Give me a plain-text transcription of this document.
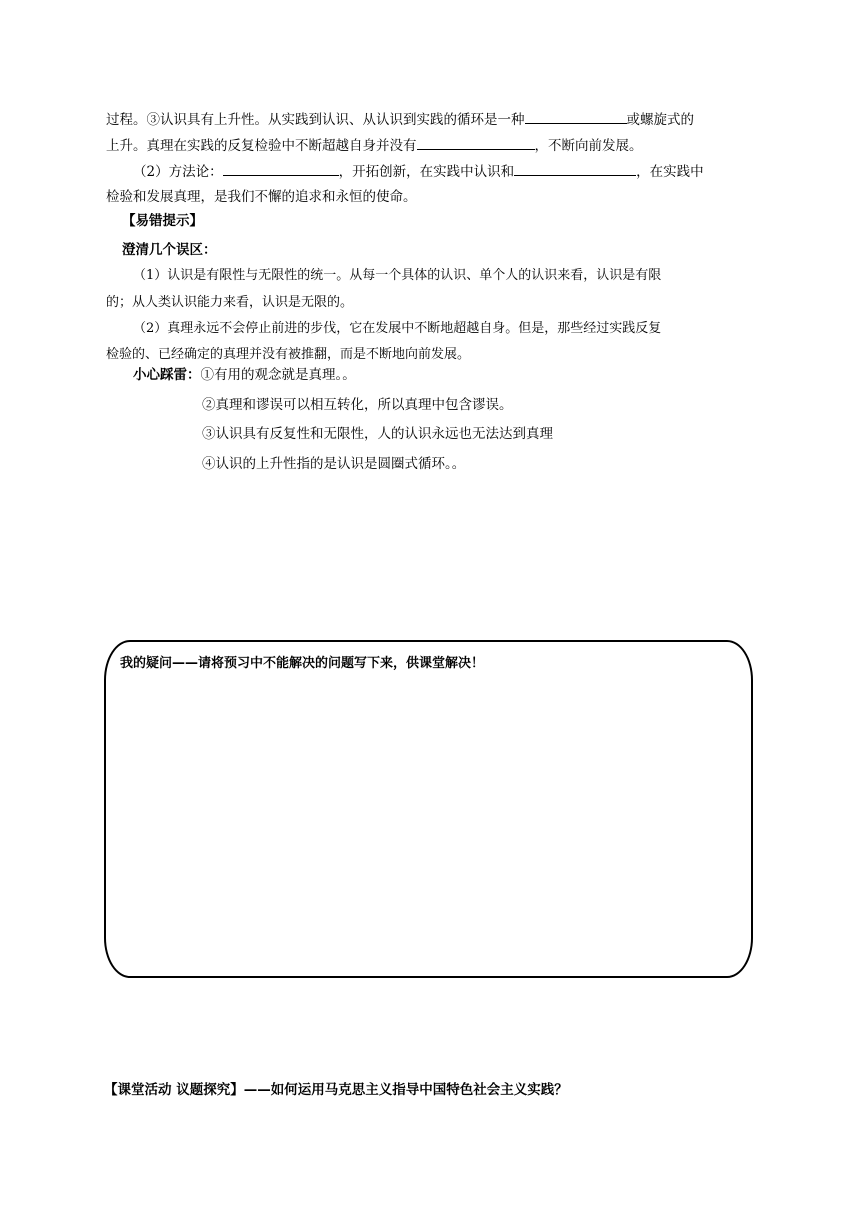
过程。③认识具有上升性。从实践到认识、从认识到实践的循环是一种	或螺旋式的
上升。真理在实践的反复检验中不断超越自身并没有	，不断向前发展。
（2）方法论：	，开拓创新，在实践中认识和	，在实践中
检验和发展真理，是我们不懈的追求和永恒的使命。
【易错提示】
澄清几个误区：
（1）认识是有限性与无限性的统一。从每一个具体的认识、单个人的认识来看，认识是有限
的；从人类认识能力来看，认识是无限的。
（2）真理永远不会停止前进的步伐，它在发展中不断地超越自身。但是，那些经过实践反复
检验的、已经确定的真理并没有被推翻，而是不断地向前发展。
小心踩雷：①有用的观念就是真理。。
②真理和谬误可以相互转化，所以真理中包含谬误。
③认识具有反复性和无限性，人的认识永远也无法达到真理
④认识的上升性指的是认识是圆圈式循环。。
我的疑问——请将预习中不能解决的问题写下来，供课堂解决！
【课堂活动 议题探究】——如何运用马克思主义指导中国特色社会主义实践？
